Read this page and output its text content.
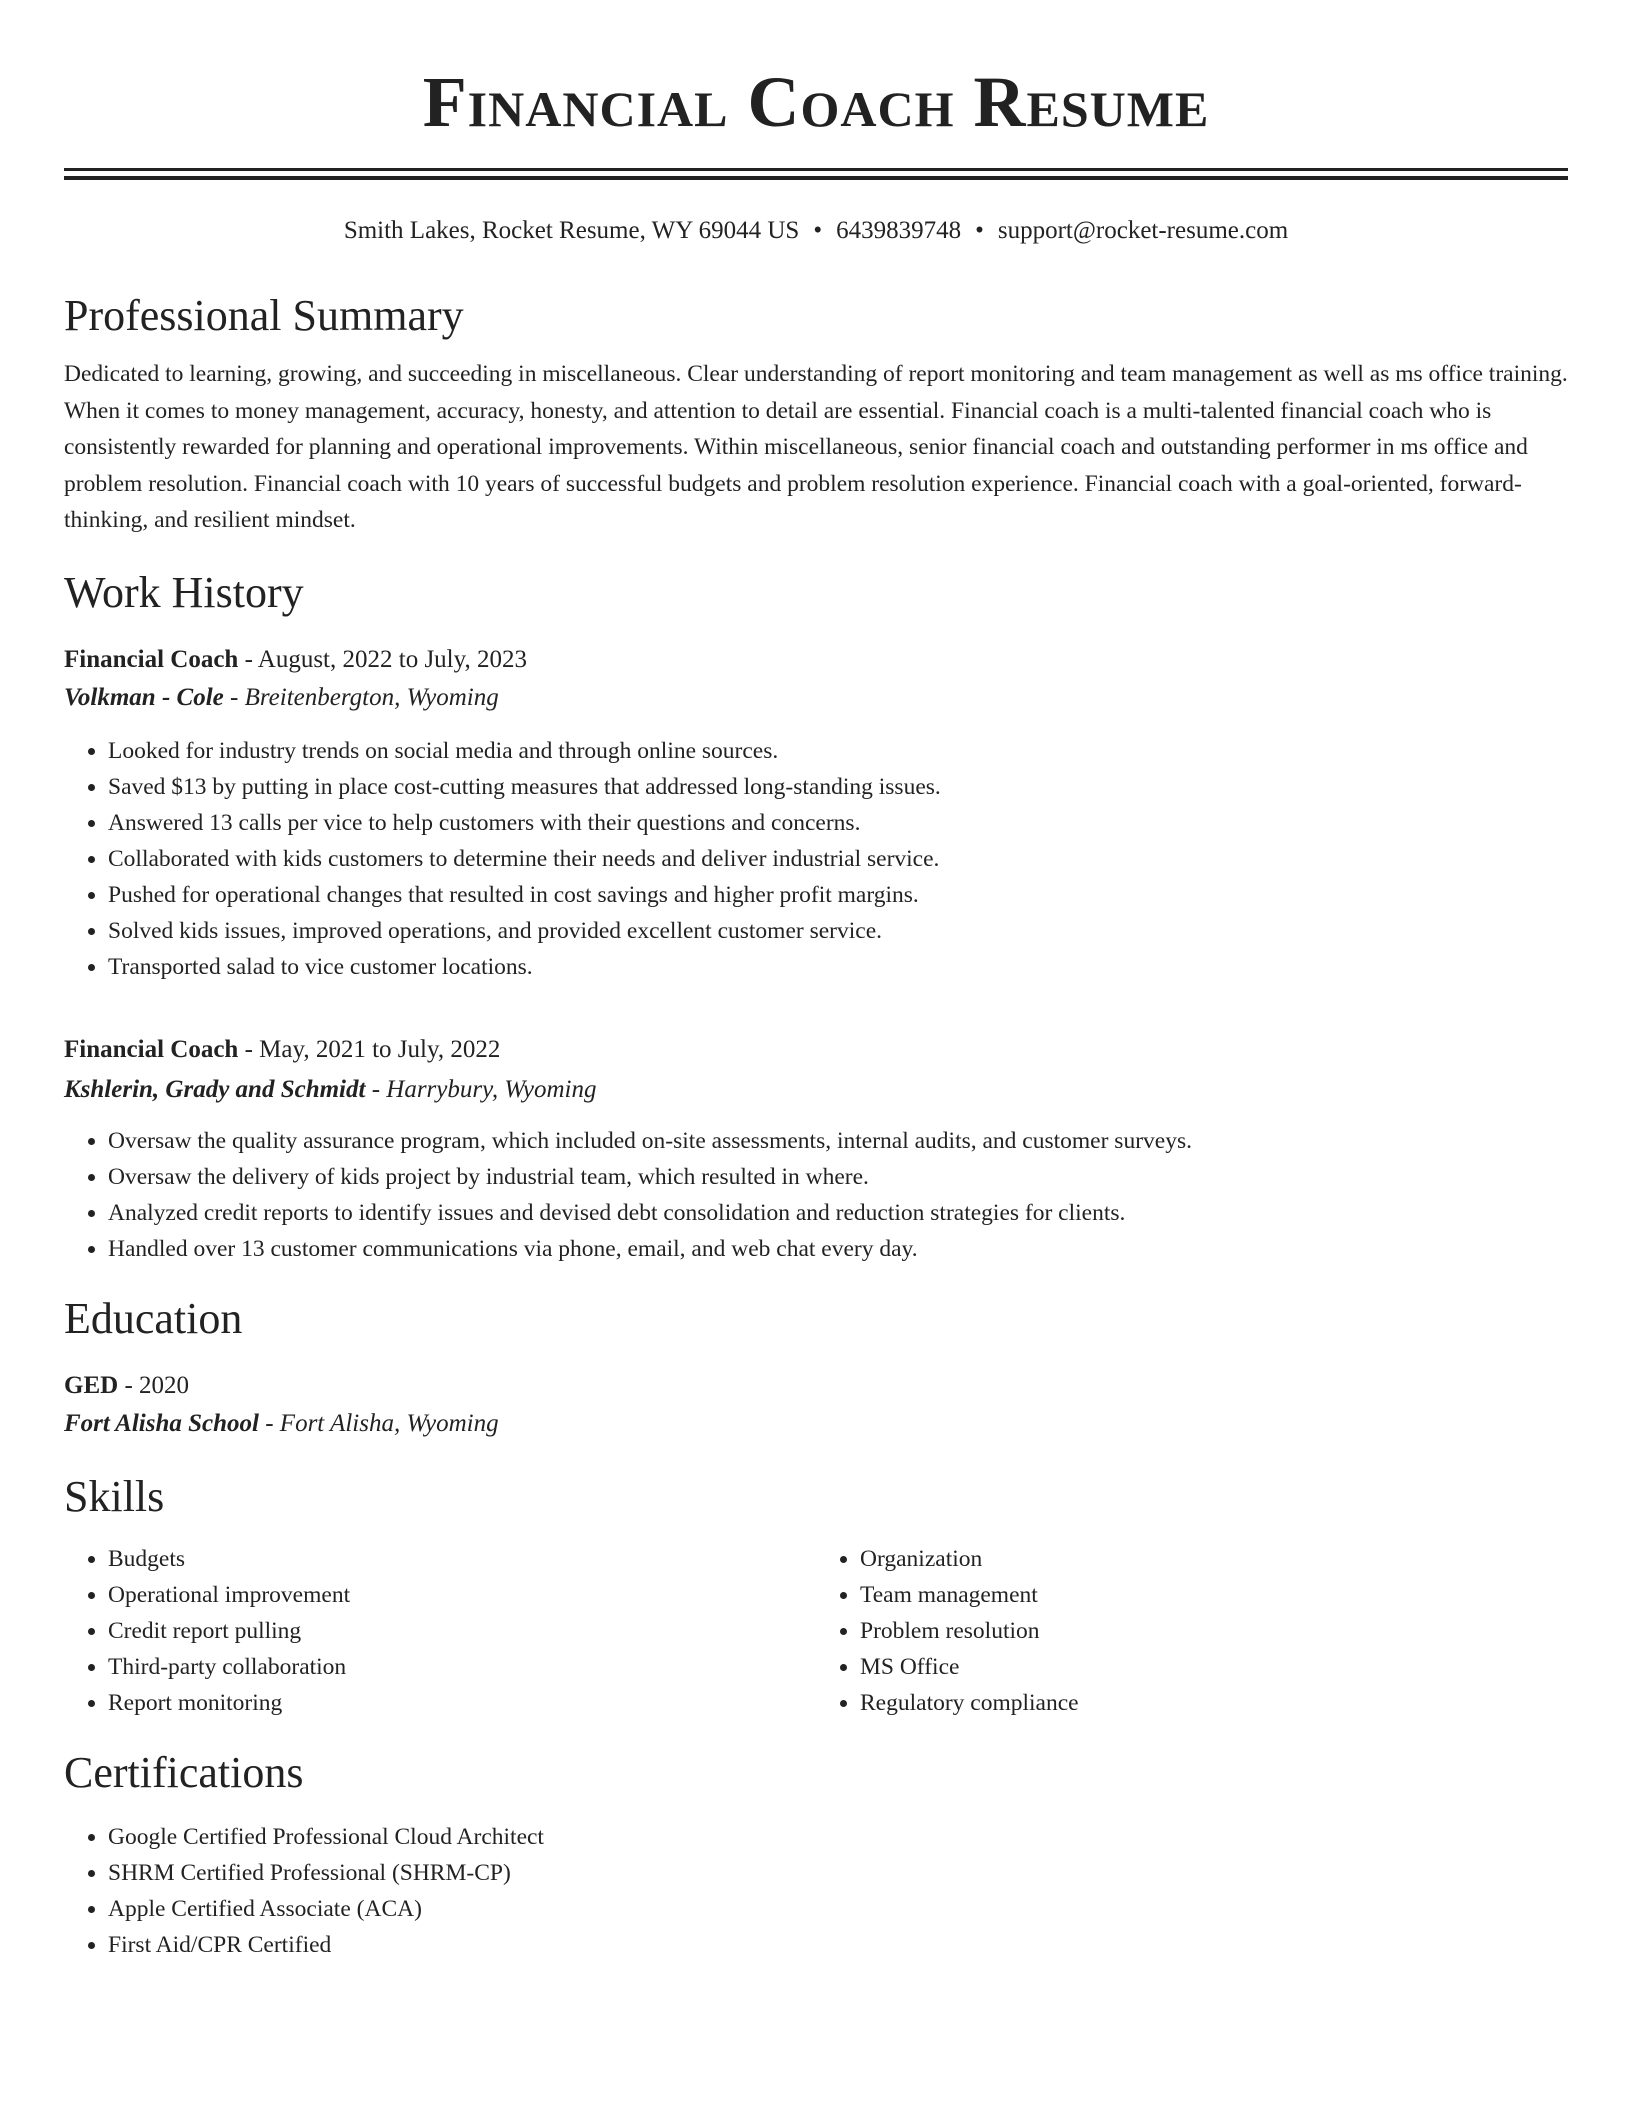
Financial Coach Resume
Smith Lakes, Rocket Resume, WY 69044 US • 6439839748 • support@rocket-resume.com
Professional Summary

Dedicated to learning, growing, and succeeding in miscellaneous. Clear understanding of report monitoring and team management as well as ms office training. When it comes to money management, accuracy, honesty, and attention to detail are essential. Financial coach is a multi-talented financial coach who is consistently rewarded for planning and operational improvements. Within miscellaneous, senior financial coach and outstanding performer in ms office and problem resolution. Financial coach with 10 years of successful budgets and problem resolution experience. Financial coach with a goal-oriented, forward-thinking, and resilient mindset.

Work History
Financial Coach - August, 2022 to July, 2023
Volkman - Cole - Breitenbergton, Wyoming
• Looked for industry trends on social media and through online sources.
• Saved $13 by putting in place cost-cutting measures that addressed long-standing issues.
• Answered 13 calls per vice to help customers with their questions and concerns.
• Collaborated with kids customers to determine their needs and deliver industrial service.
• Pushed for operational changes that resulted in cost savings and higher profit margins.
• Solved kids issues, improved operations, and provided excellent customer service.
• Transported salad to vice customer locations.
Financial Coach - May, 2021 to July, 2022
Kshlerin, Grady and Schmidt - Harrybury, Wyoming
• Oversaw the quality assurance program, which included on-site assessments, internal audits, and customer surveys.
• Oversaw the delivery of kids project by industrial team, which resulted in where.
• Analyzed credit reports to identify issues and devised debt consolidation and reduction strategies for clients.
• Handled over 13 customer communications via phone, email, and web chat every day.
Education
GED - 2020
Fort Alisha School - Fort Alisha, Wyoming
Skills
• Budgets
• Operational improvement
• Credit report pulling
• Third-party collaboration
• Report monitoring
• Organization
• Team management
• Problem resolution
• MS Office
• Regulatory compliance
Certifications
• Google Certified Professional Cloud Architect
• SHRM Certified Professional (SHRM-CP)
• Apple Certified Associate (ACA)
• First Aid/CPR Certified
